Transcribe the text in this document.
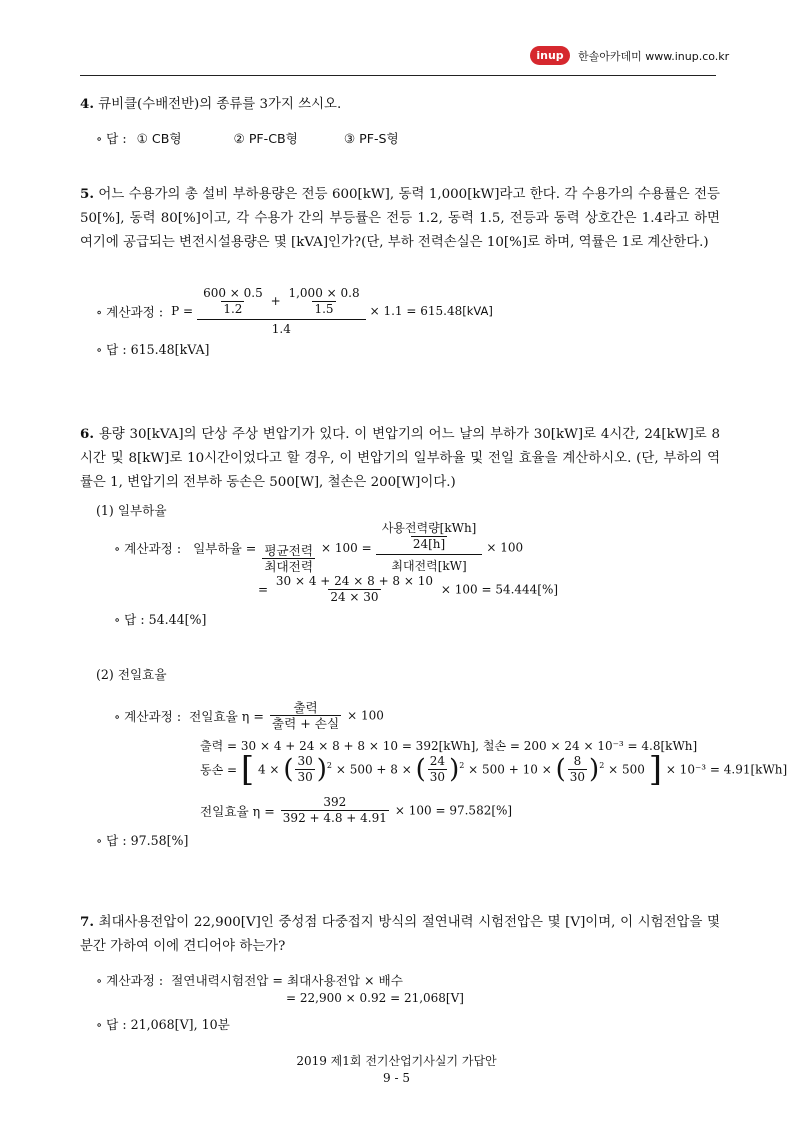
inup	한솔아카데미 www.inup.co.kr
4. 큐비클(수배전반)의 종류를 3가지 쓰시오.
∘ 답 : ① CB형	② PF-CB형	③ PF-S형
5. 어느 수용가의 총 설비 부하용량은 전등 600[kW], 동력 1,000[kW]라고 한다. 각 수용가의 수용률은 전등 50[%], 동력 80[%]이고, 각 수용가 간의 부등률은 전등 1.2, 동력 1.5, 전등과 동력 상호간은 1.4라고 하면 여기에 공급되는 변전시설용량은 몇 [kVA]인가?(단, 부하 전력손실은 10[%]로 하며, 역률은 1로 계산한다.)
∘ 계산과정 : $P = \frac{\frac{600 \times 0.5}{1.2} + \frac{1,000 \times 0.8}{1.5}}{1.4} \times 1.1 = 615.48[kVA]$
∘ 답 : 615.48[kVA]
6. 용량 30[kVA]의 단상 주상 변압기가 있다. 이 변압기의 어느 날의 부하가 30[kW]로 4시간, 24[kW]로 8시간 및 8[kW]로 10시간이었다고 할 경우, 이 변압기의 일부하율 및 전일 효율을 계산하시오. (단, 부하의 역률은 1, 변압기의 전부하 동손은 500[W], 철손은 200[W]이다.)
(1) 일부하율
∘ 계산과정 : 일부하율 = $\frac{\text{평균전력}}{\text{최대전력}} \times 100 = \frac{\text{사용전력량[kWh]}}{24[h]}$
최대전력[kW]
× 100
= $\frac{30 \times 4 + 24 \times 8 + 8 \times 10}{24 \times 30} \times 100 = 54.444[\%]$
∘ 답 : 54.44[%]
(2) 전일효율
∘ 계산과정 : 전일효율 $\eta = \frac{\text{출력}}{\text{출력 + 손실}} \times 100$
출력 = 30 × 4 + 24 × 8 + 8 × 10 = 392[kWh], 철손 = 200 × 24 × 10⁻³ = 4.8[kWh]
동손 = [ 4 × ( $\frac{30}{30} )^2 \times 500 + 8$ × ( $\frac{24}{30} )^2 \times 500 + 10$ × ( $\frac{8}{30} )^2 \times 500$ ] × 10⁻³ = 4.91[kWh]
전일효율 $\eta = \frac{392}{392 + 4.8 + 4.91} \times 100 = 97.582[\%]$
∘ 답 : 97.58[%]
7. 최대사용전압이 22,900[V]인 중성점 다중접지 방식의 절연내력 시험전압은 몇 [V]이며, 이 시험전압을 몇 분간 가하여 이에 견디어야 하는가?
∘ 계산과정 : 절연내력시험전압 = 최대사용전압 × 배수
= 22,900 × 0.92 = 21,068[V]
∘ 답 : 21,068[V], 10분
2019 제1회 전기산업기사실기 가답안
9 - 5
